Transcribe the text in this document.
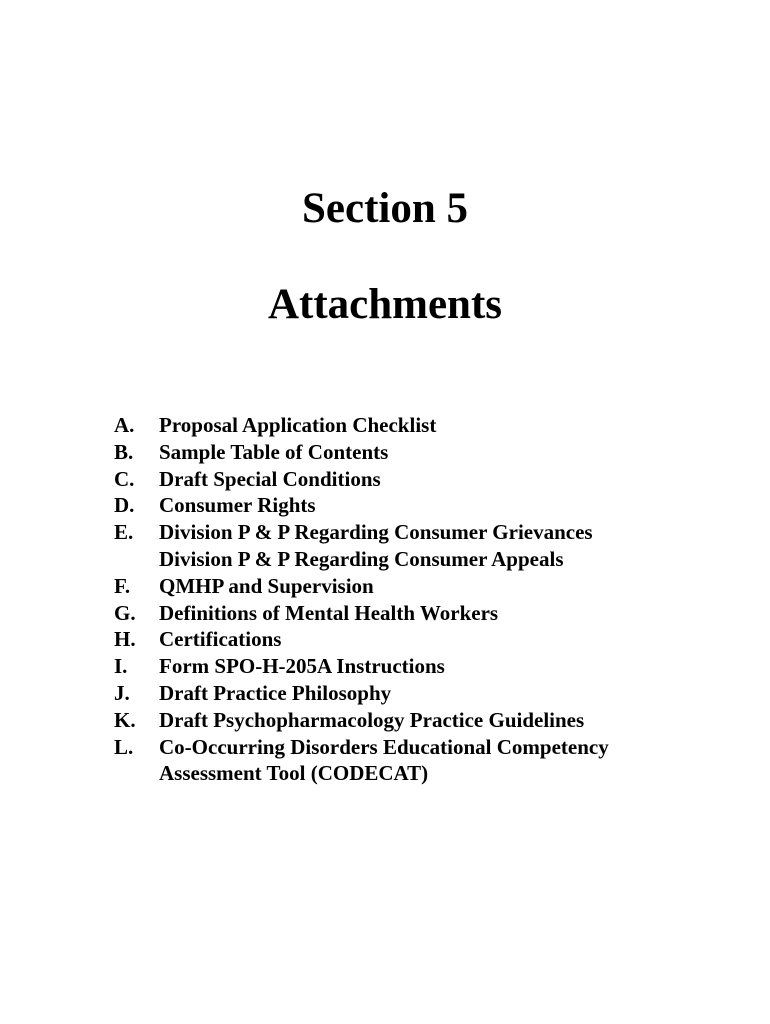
Section 5
Attachments
A.	Proposal Application Checklist
B.	Sample Table of Contents
C.	Draft Special Conditions
D.	Consumer Rights
E.	Division P & P Regarding Consumer Grievances
Division P & P Regarding Consumer Appeals
F.	QMHP and Supervision
G.	Definitions of Mental Health Workers
H.	Certifications
I.	Form SPO-H-205A Instructions
J.	Draft Practice Philosophy
K.	Draft Psychopharmacology Practice Guidelines
L.	Co-Occurring Disorders Educational Competency
Assessment Tool (CODECAT)
